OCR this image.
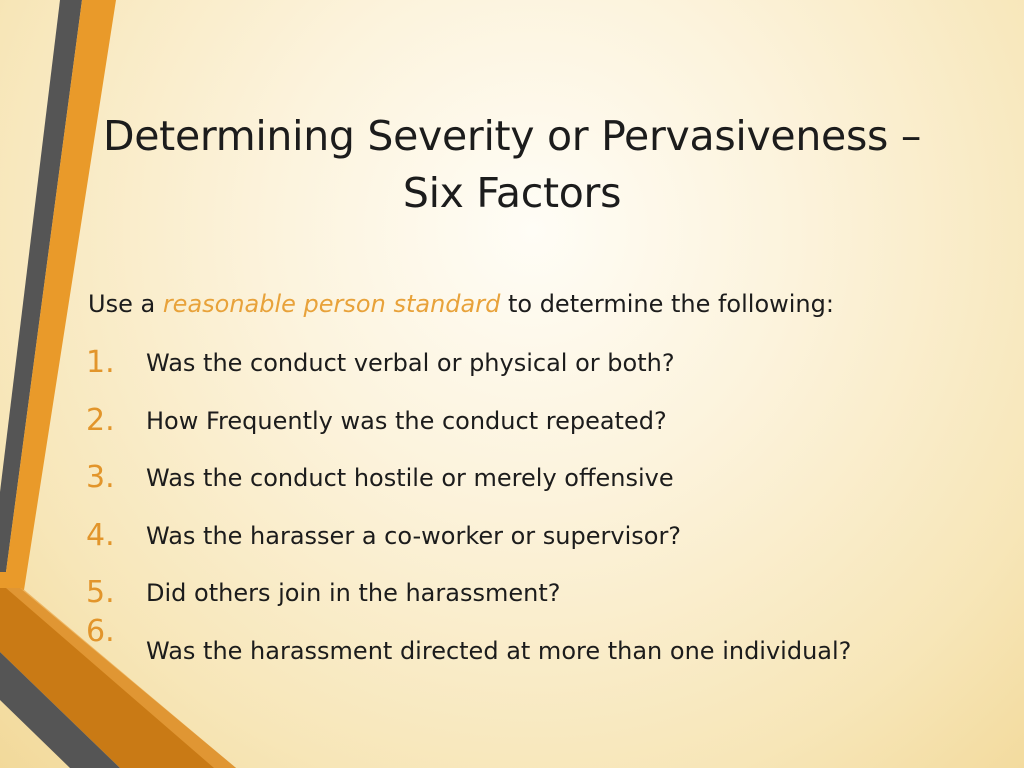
Determining Severity or Pervasiveness –
Six Factors
Use a reasonable person standard to determine the following:
1.	Was the conduct verbal or physical or both?
2.	How Frequently was the conduct repeated?
3.	Was the conduct hostile or merely offensive
4.	Was the harasser a co-worker or supervisor?
5.	Did others join in the harassment?
6.
Was the harassment directed at more than one individual?
